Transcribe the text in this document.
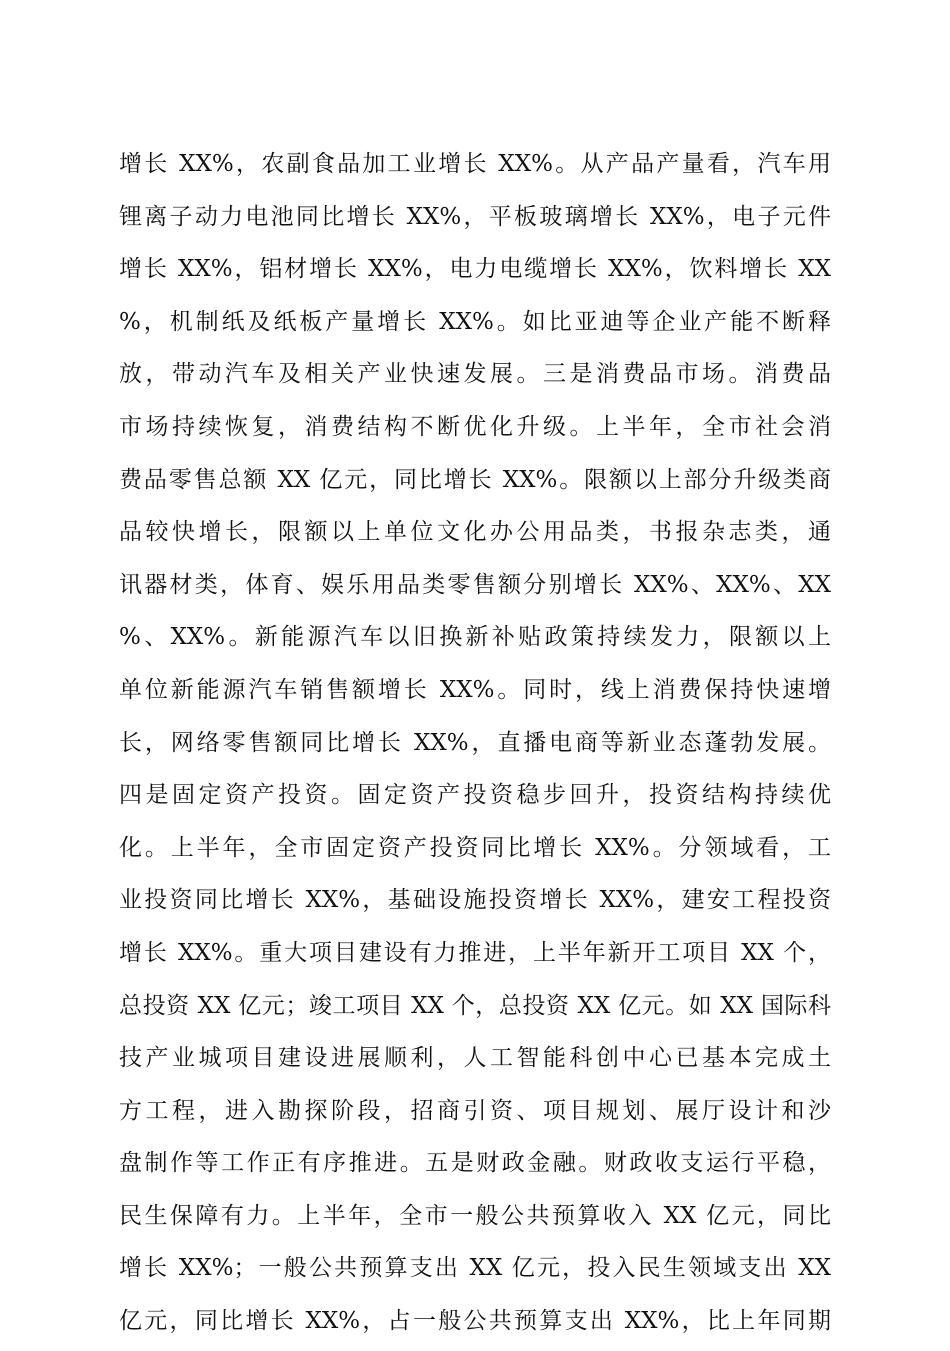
增长 XX%，农副食品加工业增长 XX%。从产品产量看，汽车用
锂离子动力电池同比增长 XX%，平板玻璃增长 XX%，电子元件
增长 XX%，铝材增长 XX%，电力电缆增长 XX%，饮料增长 XX
%，机制纸及纸板产量增长 XX%。如比亚迪等企业产能不断释
放，带动汽车及相关产业快速发展。三是消费品市场。消费品
市场持续恢复，消费结构不断优化升级。上半年，全市社会消
费品零售总额 XX 亿元，同比增长 XX%。限额以上部分升级类商
品较快增长，限额以上单位文化办公用品类，书报杂志类，通
讯器材类，体育、娱乐用品类零售额分别增长 XX%、XX%、XX
%、XX%。新能源汽车以旧换新补贴政策持续发力，限额以上
单位新能源汽车销售额增长 XX%。同时，线上消费保持快速增
长，网络零售额同比增长 XX%，直播电商等新业态蓬勃发展。
四是固定资产投资。固定资产投资稳步回升，投资结构持续优
化。上半年，全市固定资产投资同比增长 XX%。分领域看，工
业投资同比增长 XX%，基础设施投资增长 XX%，建安工程投资
增长 XX%。重大项目建设有力推进，上半年新开工项目 XX 个，
总投资 XX 亿元；竣工项目 XX 个，总投资 XX 亿元。如 XX 国际科
技产业城项目建设进展顺利，人工智能科创中心已基本完成土
方工程，进入勘探阶段，招商引资、项目规划、展厅设计和沙
盘制作等工作正有序推进。五是财政金融。财政收支运行平稳，
民生保障有力。上半年，全市一般公共预算收入 XX 亿元，同比
增长 XX%；一般公共预算支出 XX 亿元，投入民生领域支出 XX
亿元，同比增长 XX%，占一般公共预算支出 XX%，比上年同期
